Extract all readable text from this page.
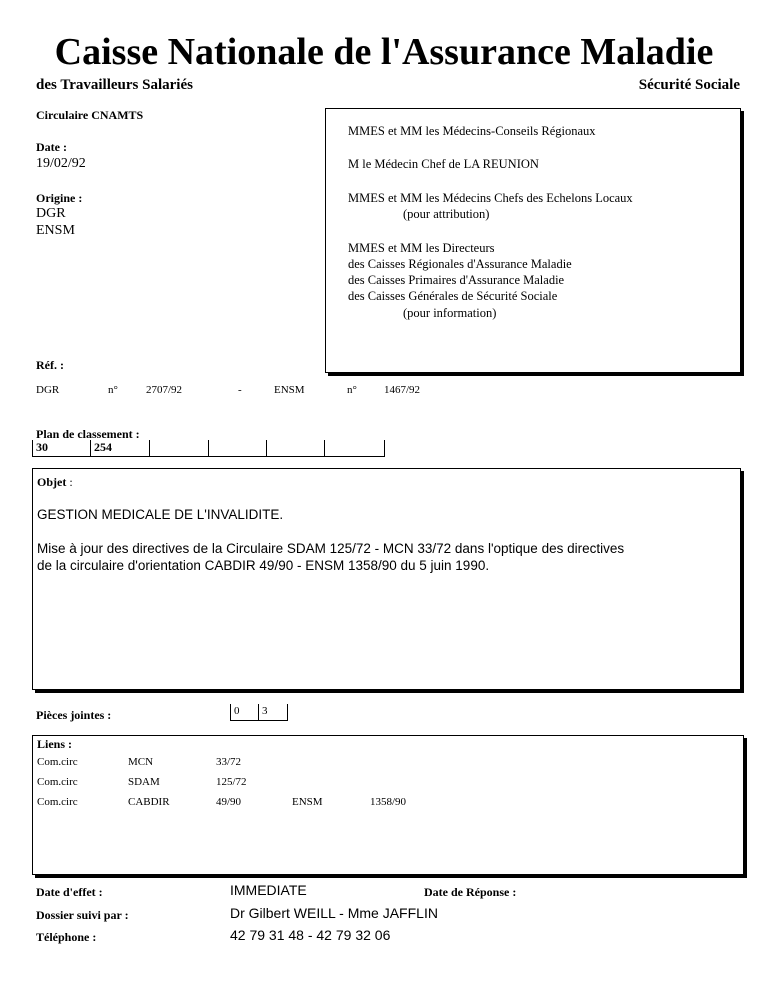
Caisse Nationale de l'Assurance Maladie
des Travailleurs Salariés	Sécurité Sociale
Circulaire CNAMTS
Date :
19/02/92
Origine :
DGR
ENSM
MMES et MM les Médecins-Conseils Régionaux
M le Médecin Chef de LA REUNION
MMES et MM les Médecins Chefs des Echelons Locaux
(pour attribution)
MMES et MM les Directeurs
des Caisses Régionales d'Assurance Maladie
des Caisses Primaires d'Assurance Maladie
des Caisses Générales de Sécurité Sociale
(pour information)
Réf. :
DGR	n°	2707/92	-	ENSM	n° 1467/92
Plan de classement :
30	254
Objet :
GESTION MEDICALE DE L'INVALIDITE.
Mise à jour des directives de la Circulaire SDAM 125/72 - MCN 33/72 dans l'optique des directives
de la circulaire d'orientation CABDIR 49/90 - ENSM 1358/90 du 5 juin 1990.
Pièces jointes :	0	3
Liens :
Com.circ	MCN	33/72
Com.circ	SDAM	125/72
Com.circ	CABDIR	49/90	ENSM	1358/90
Date d'effet :	IMMEDIATE	Date de Réponse :
Dossier suivi par :	Dr Gilbert WEILL - Mme JAFFLIN
Téléphone :	42 79 31 48 - 42 79 32 06
